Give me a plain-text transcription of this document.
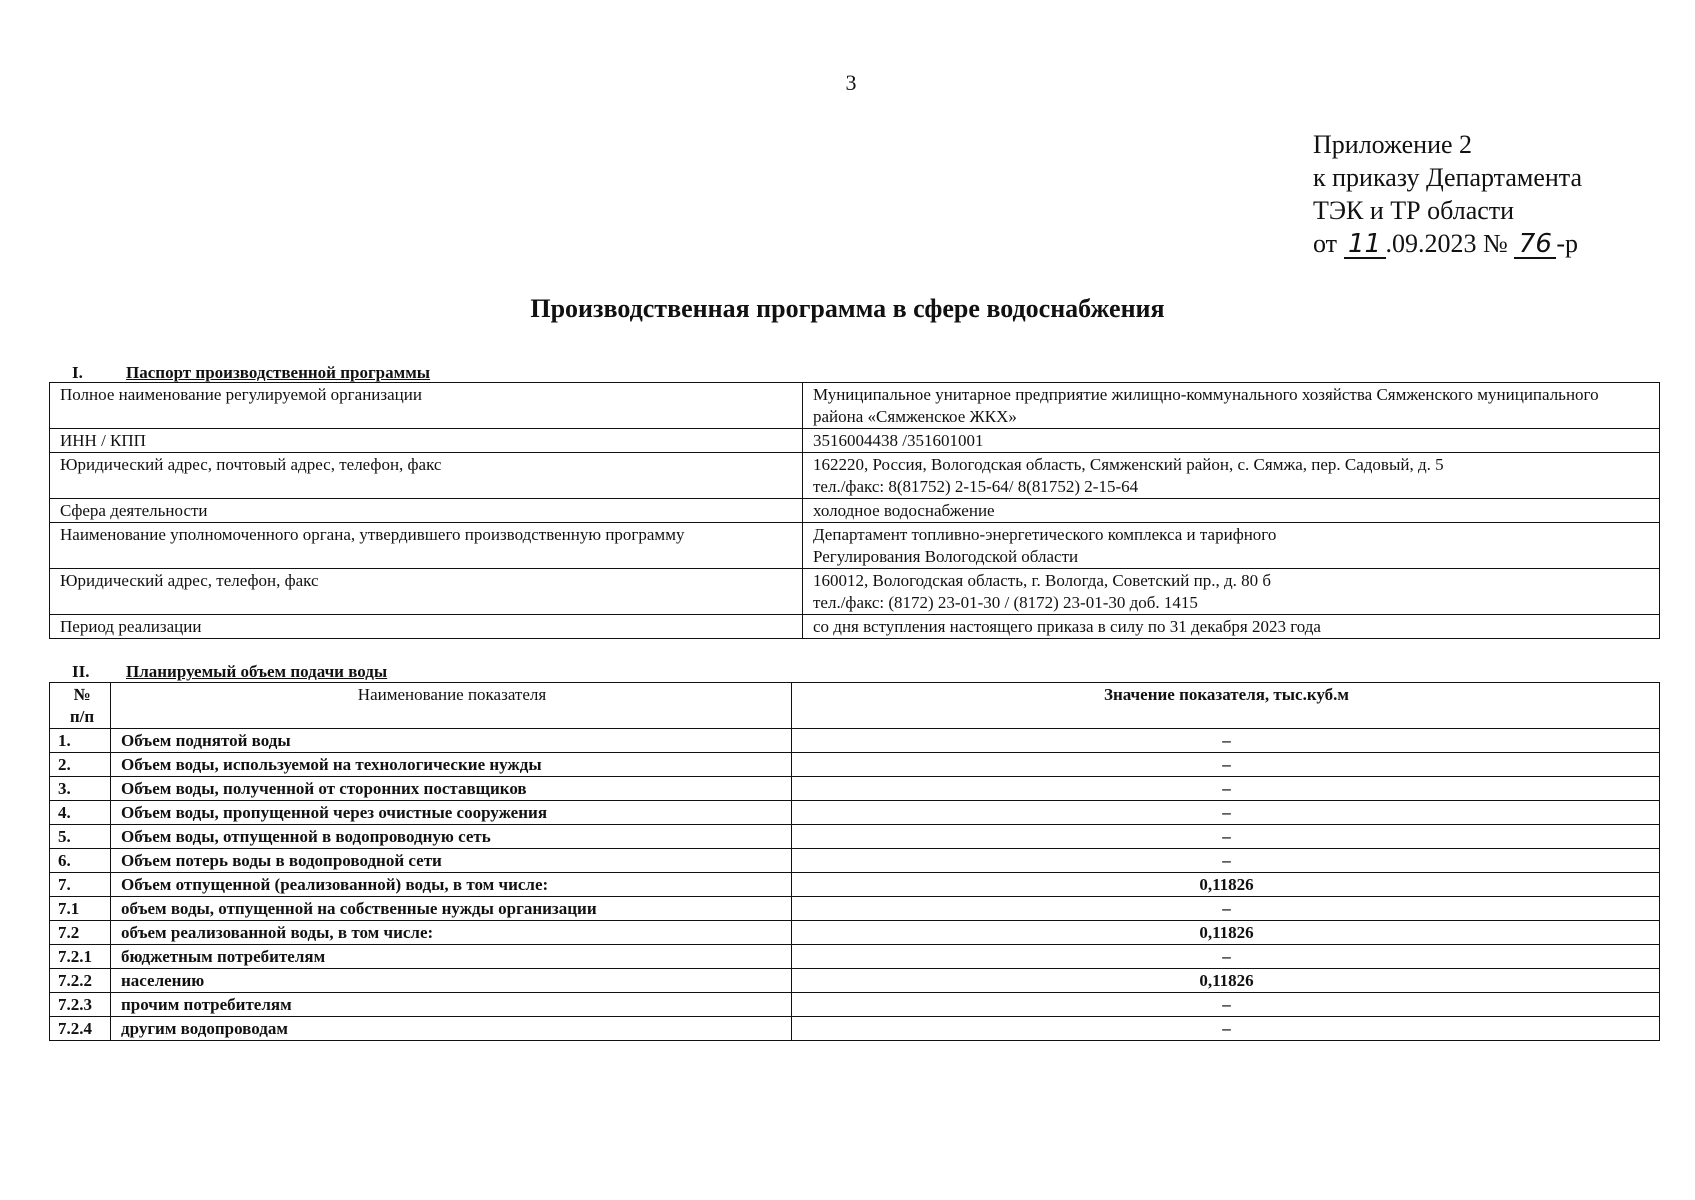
3
Приложение 2
к приказу Департамента
ТЭК и ТР области
от 11 .09.2023 № 76 -р
Производственная программа в сфере водоснабжения
I.	Паспорт производственной программы
Полное наименование регулируемой организации	Муниципальное унитарное предприятие жилищно-коммунального хозяйства Сямженского муниципального района «Сямженское ЖКХ»
ИНН / КПП	3516004438 /351601001
Юридический адрес, почтовый адрес, телефон, факс	162220, Россия, Вологодская область, Сямженский район, с. Сямжа, пер. Садовый, д. 5
тел./факс: 8(81752) 2-15-64/ 8(81752) 2-15-64

Сфера деятельности	холодное водоснабжение
Наименование уполномоченного органа, утвердившего производственную программу	Департамент топливно-энергетического комплекса и тарифного
Регулирования Вологодской области

Юридический адрес, телефон, факс	160012, Вологодская область, г. Вологда, Советский пр., д. 80 б
тел./факс: (8172) 23-01-30 / (8172) 23-01-30 доб. 1415

Период реализации	со дня вступления настоящего приказа в силу по 31 декабря 2023 года
II. Планируемый объем подачи воды
№
п/п	Наименование показателя	Значение показателя, тыс.куб.м
1.	Объем поднятой воды	–
2.	Объем воды, используемой на технологические нужды	–
3.	Объем воды, полученной от сторонних поставщиков	–
4.	Объем воды, пропущенной через очистные сооружения	–
5.	Объем воды, отпущенной в водопроводную сеть	–
6.	Объем потерь воды в водопроводной сети	–
7.	Объем отпущенной (реализованной) воды, в том числе:	0,11826
7.1	объем воды, отпущенной на собственные нужды организации	–
7.2	объем реализованной воды, в том числе:	0,11826
7.2.1	бюджетным потребителям	–
7.2.2	населению	0,11826
7.2.3	прочим потребителям	–
7.2.4	другим водопроводам	–
